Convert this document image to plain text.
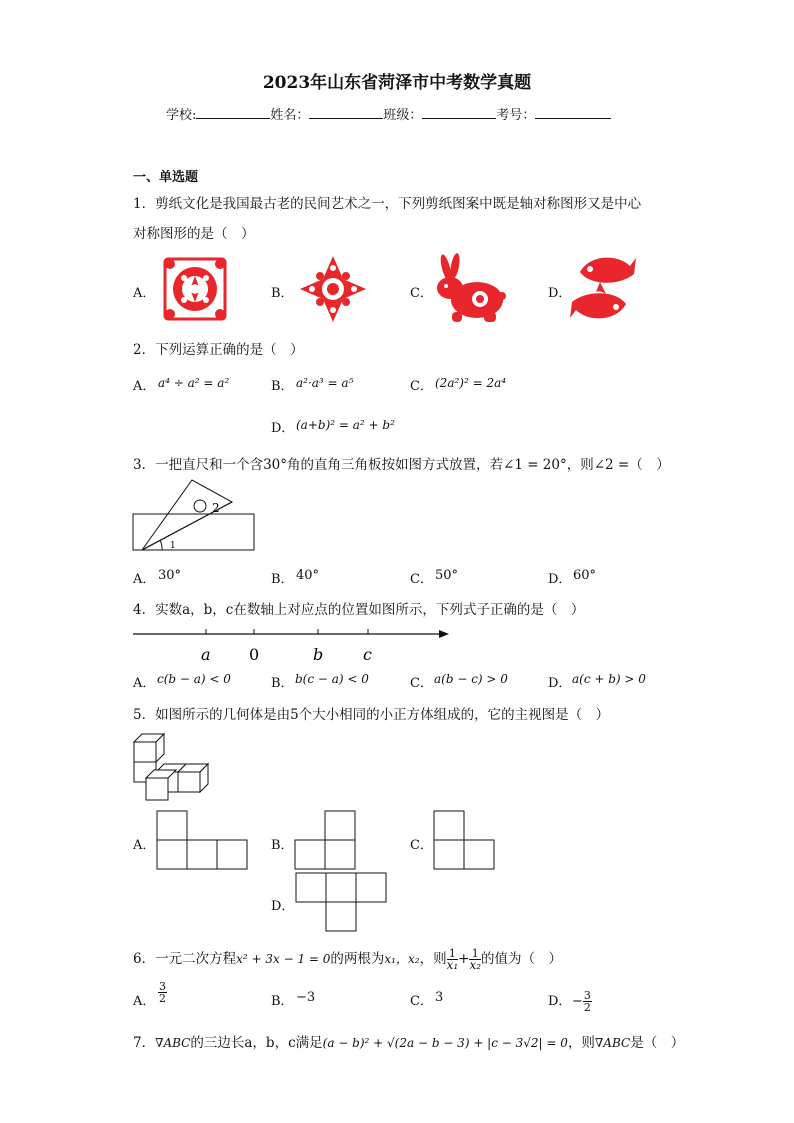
2023年山东省菏泽市中考数学真题
学校:	姓名：	班级：	考号：
一、单选题
1．剪纸文化是我国最古老的民间艺术之一，下列剪纸图案中既是轴对称图形又是中心
对称图形的是（　）
A．	B．	C．	D．
2．下列运算正确的是（　）
A． a⁴ ÷ a² = a²	B． a²·a³ = a⁵	C． (2a²)² = 2a⁴
D． (a+b)² = a² + b²
3．一把直尺和一个含30°角的直角三角板按如图方式放置，若∠1 = 20°，则∠2 =（　）
2
1
A． 30°	B． 40°	C． 50°	D． 60°
4．实数a，b，c在数轴上对应点的位置如图所示，下列式子正确的是（　）
a 0	b c
A． c(b − a) < 0	B． b(c − a) < 0	C． a(b − c) > 0	D． a(c + b) > 0
5．如图所示的几何体是由5个大小相同的小正方体组成的，它的主视图是（　）
A．	B．	C．
D．
6．一元二次方程x² + 3x − 1 = 0的两根为x₁，x₂，则 $\frac{1}{\text{x₁}} + \frac{1}{\text{x₂}}$ 的值为（　）
A． $\frac{3}{2}$	B． −3	C． 3	D． − $\frac{3}{2}$
7．∇ABC的三边长a，b，c满足(a − b)² + √(2a − b − 3) + |c − 3√2| = 0，则∇ABC是（　）
